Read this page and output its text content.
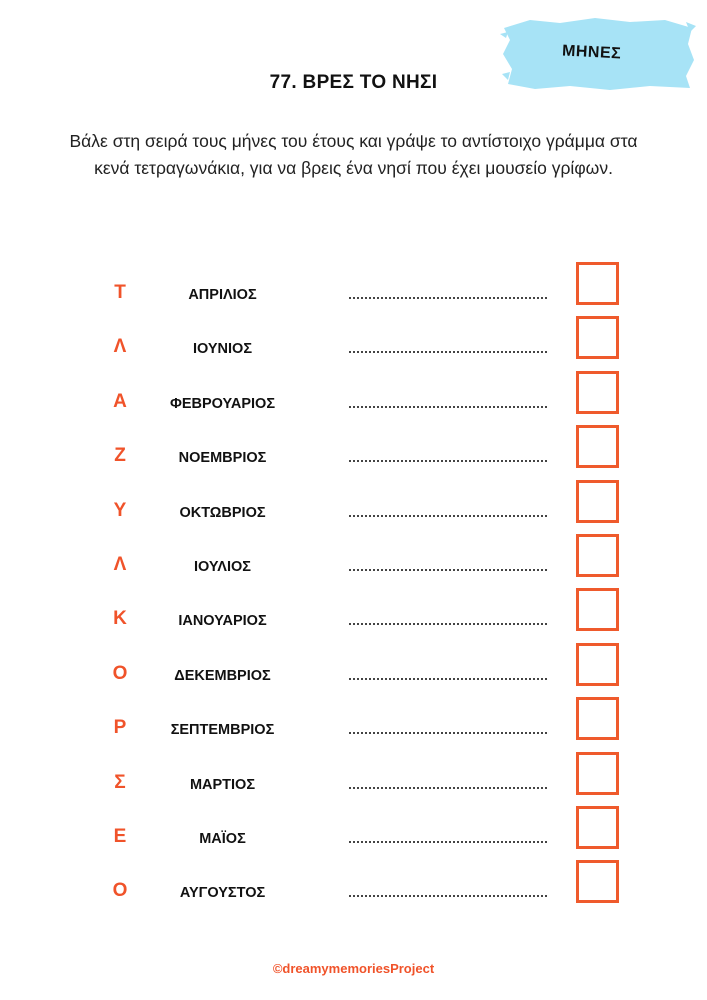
ΜΗΝΕΣ
77. ΒΡΕΣ ΤΟ ΝΗΣΙ
Βάλε στη σειρά τους μήνες του έτους και γράψε το αντίστοιχο γράμμα στα κενά τετραγωνάκια, για να βρεις ένα νησί που έχει μουσείο γρίφων.
Τ	ΑΠΡΙΛΙΟΣ
Λ	ΙΟΥΝΙΟΣ
Α	ΦΕΒΡΟΥΑΡΙΟΣ
Ζ	ΝΟΕΜΒΡΙΟΣ
Υ	ΟΚΤΩΒΡΙΟΣ
Λ	ΙΟΥΛΙΟΣ
Κ	ΙΑΝΟΥΑΡΙΟΣ
Ο	ΔΕΚΕΜΒΡΙΟΣ
Ρ	ΣΕΠΤΕΜΒΡΙΟΣ
Σ	ΜΑΡΤΙΟΣ
Ε	ΜΑΪΟΣ
Ο	ΑΥΓΟΥΣΤΟΣ
©dreamymemoriesProject
